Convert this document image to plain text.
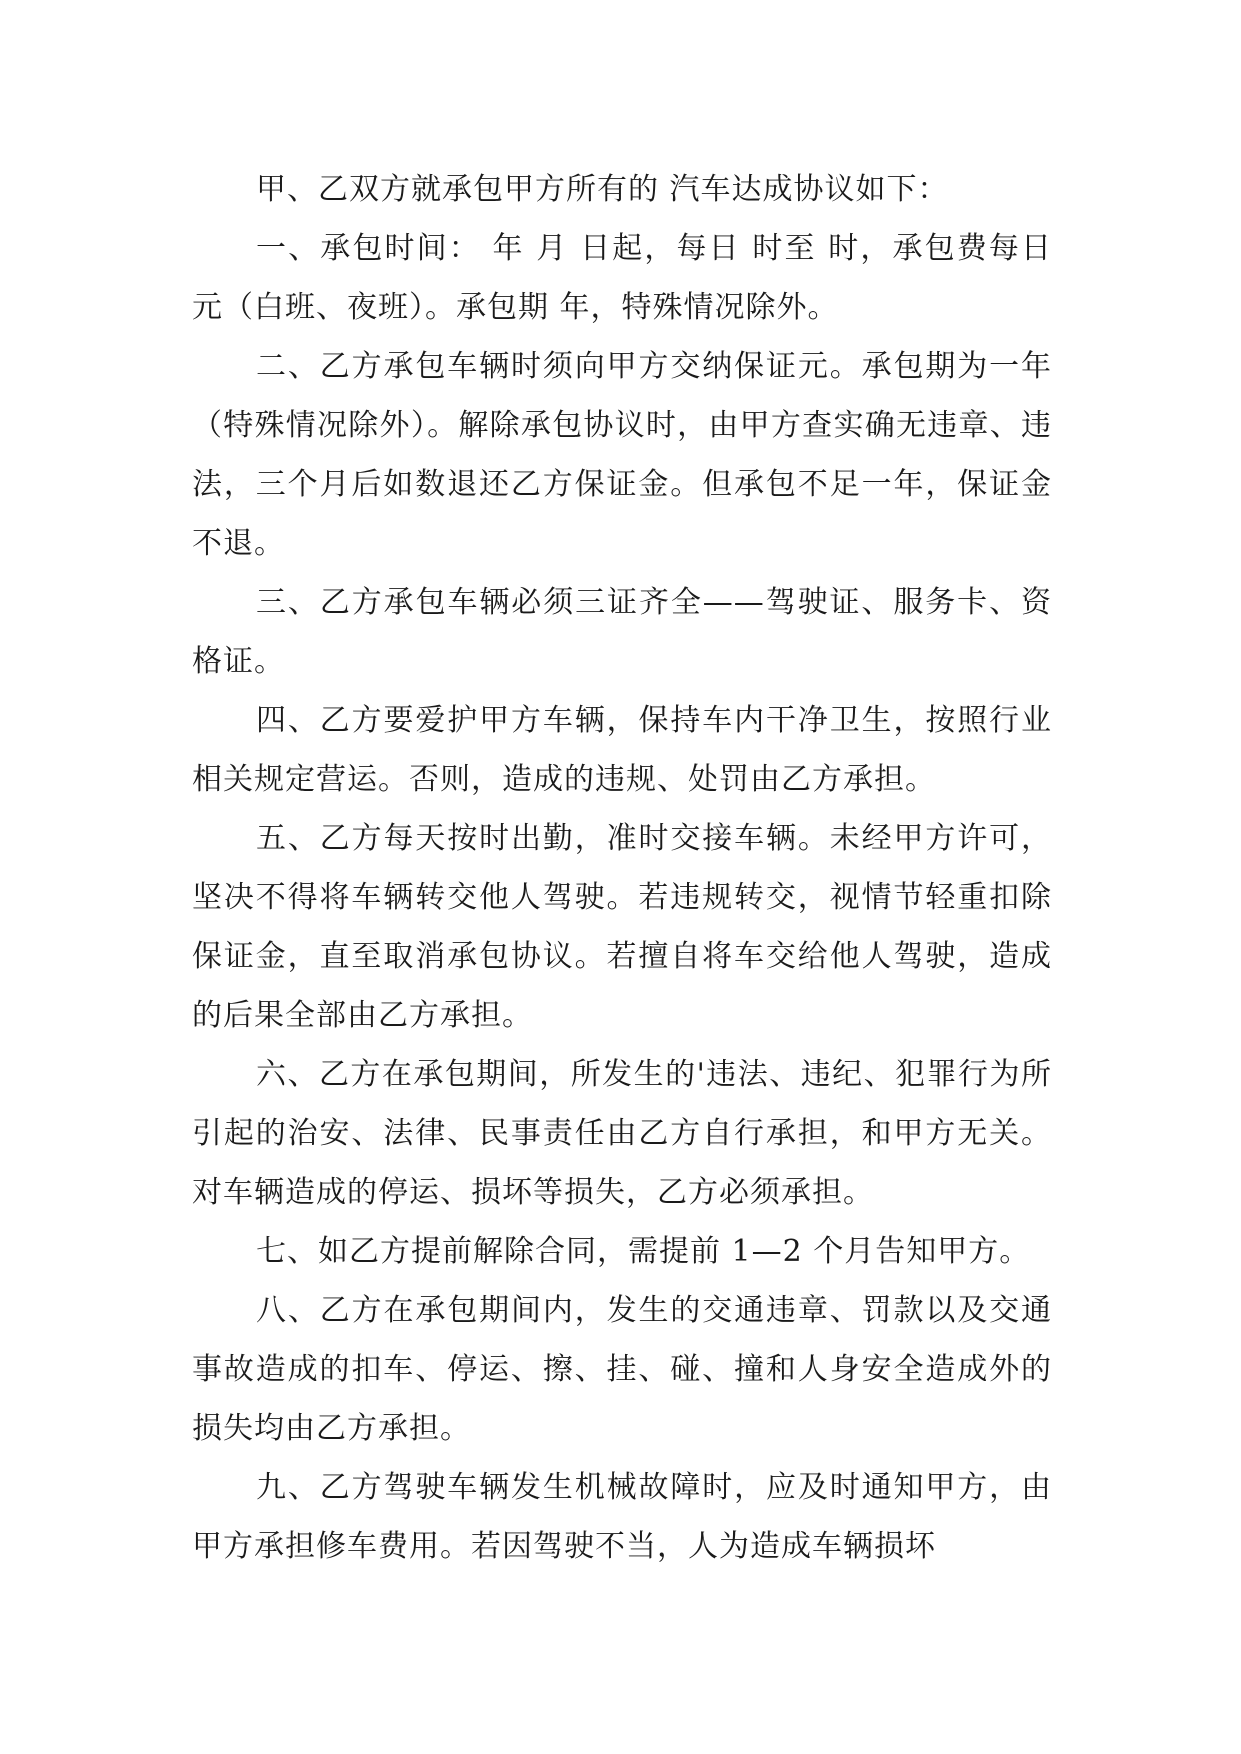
甲、乙双方就承包甲方所有的 汽车达成协议如下：

一、承包时间： 年 月 日起，每日 时至 时，承包费每日 元（白班、夜班）。承包期 年，特殊情况除外。

二、乙方承包车辆时须向甲方交纳保证元。承包期为一年（特殊情况除外）。解除承包协议时，由甲方查实确无违章、违法，三个月后如数退还乙方保证金。但承包不足一年，保证金不退。

三、乙方承包车辆必须三证齐全——驾驶证、服务卡、资格证。

四、乙方要爱护甲方车辆，保持车内干净卫生，按照行业相关规定营运。否则，造成的违规、处罚由乙方承担。

五、乙方每天按时出勤，准时交接车辆。未经甲方许可，坚决不得将车辆转交他人驾驶。若违规转交，视情节轻重扣除保证金，直至取消承包协议。若擅自将车交给他人驾驶，造成的后果全部由乙方承担。

六、乙方在承包期间，所发生的'违法、违纪、犯罪行为所引起的治安、法律、民事责任由乙方自行承担，和甲方无关。对车辆造成的停运、损坏等损失，乙方必须承担。

七、如乙方提前解除合同，需提前 1—2 个月告知甲方。

八、乙方在承包期间内，发生的交通违章、罚款以及交通事故造成的扣车、停运、擦、挂、碰、撞和人身安全造成外的损失均由乙方承担。

九、乙方驾驶车辆发生机械故障时，应及时通知甲方，由甲方承担修车费用。若因驾驶不当，人为造成车辆损坏
